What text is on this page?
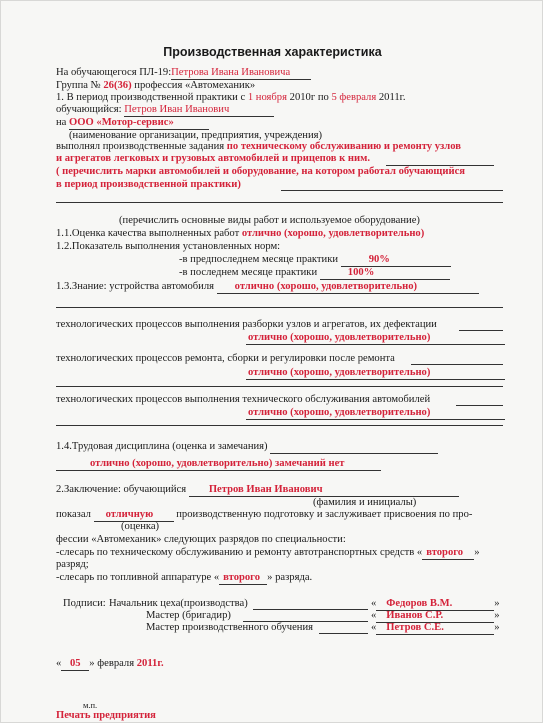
Производственная характеристика
На обучающегося ПЛ-19:Петрова Ивана Ивановича
Группа № 26(36) профессия «Автомеханик»
1. В период производственной практики с 1 ноября 2010г по 5 февраля 2011г.
обучающийся: Петров Иван Иванович
на ООО «Мотор-сервис»
(наименование организации, предприятия, учреждения)
выполнял производственные задания по техническому обслуживанию и ремонту узлов
и агрегатов легковых и грузовых автомобилей и прицепов к ним.
( перечислить марки автомобилей и оборудование, на котором работал обучающийся
в период производственной практики)
(перечислить основные виды работ и используемое оборудование)
1.1.Оценка качества выполненных работ отлично (хорошо, удовлетворительно)
1.2.Показатель выполнения установленных норм:
-в предпоследнем месяце практики	90%
-в последнем месяце практики	100%
1.3.Знание: устройства автомобиля отлично (хорошо, удовлетворительно)
технологических процессов выполнения разборки узлов и агрегатов, их дефектации
отлично (хорошо, удовлетворительно)
технологических процессов ремонта, сборки и регулировки после ремонта
отлично (хорошо, удовлетворительно)
технологических процессов выполнения технического обслуживания автомобилей
отлично (хорошо, удовлетворительно)
1.4.Трудовая дисциплина (оценка и замечания)
отлично (хорошо, удовлетворительно) замечаний нет
2.Заключение: обучающийся Петров Иван Иванович
(фамилия и инициалы)
показал отличную производственную подготовку и заслуживает присвоения по про-
(оценка)
фессии «Автомеханик» следующих разрядов по специальности:
-слесарь по техническому обслуживанию и ремонту автотранспортных средств « второго »
разряд;
-слесарь по топливной аппаратуре « второго » разряда.
Подписи: Начальник цеха(производства)	« Федоров В.М.	»
Мастер (бригадир)	« Иванов С.Р.	»
Мастер производственного обучения	« Петров С.Е.	»
« 05 » февраля 2011г.
м.п.
Печать предприятия
